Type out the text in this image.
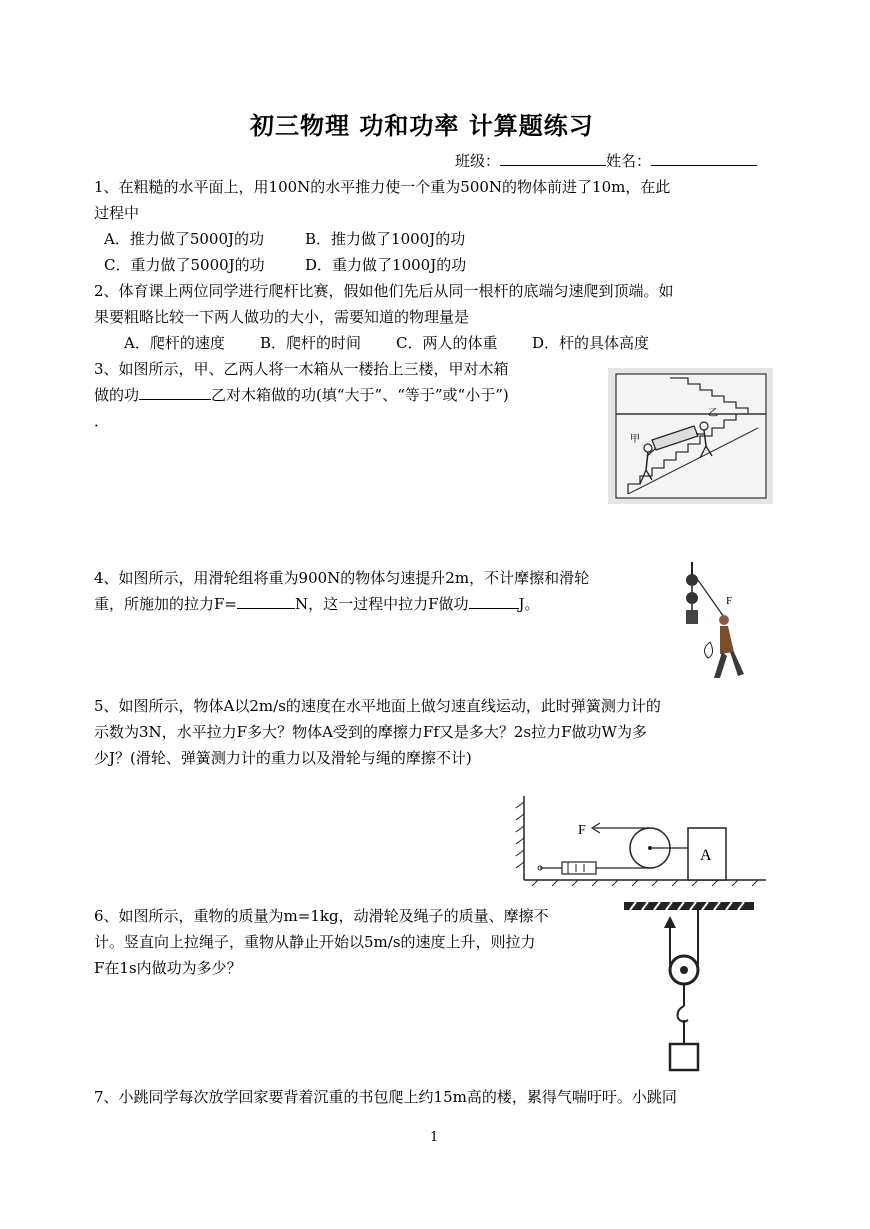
初三物理 功和功率 计算题练习
班级：	姓名：
1、在粗糙的水平面上，用100N的水平推力使一个重为500N的物体前进了10m，在此
过程中
A．推力做了5000J的功	B．推力做了1000J的功
C．重力做了5000J的功	D．重力做了1000J的功
2、体育课上两位同学进行爬杆比赛，假如他们先后从同一根杆的底端匀速爬到顶端。如
果要粗略比较一下两人做功的大小，需要知道的物理量是
A．爬杆的速度 B．爬杆的时间 C．两人的体重 D．杆的具体高度
3、如图所示，甲、乙两人将一木箱从一楼抬上三楼，甲对木箱
做的功	乙对木箱做的功(填“大于”、“等于”或“小于”)
．
甲
乙
4、如图所示，用滑轮组将重为900N的物体匀速提升2m，不计摩擦和滑轮
重，所施加的拉力F=	N，这一过程中拉力F做功	J。	F
5、如图所示，物体A以2m/s的速度在水平地面上做匀速直线运动，此时弹簧测力计的
示数为3N，水平拉力F多大？物体A受到的摩擦力Ff又是多大？2s拉力F做功W为多
少J？(滑轮、弹簧测力计的重力以及滑轮与绳的摩擦不计)
F
A
6、如图所示，重物的质量为m=1kg，动滑轮及绳子的质量、摩擦不
计。竖直向上拉绳子，重物从静止开始以5m/s的速度上升，则拉力
F在1s内做功为多少？
7、小跳同学每次放学回家要背着沉重的书包爬上约15m高的楼，累得气喘吁吁。小跳同
1
